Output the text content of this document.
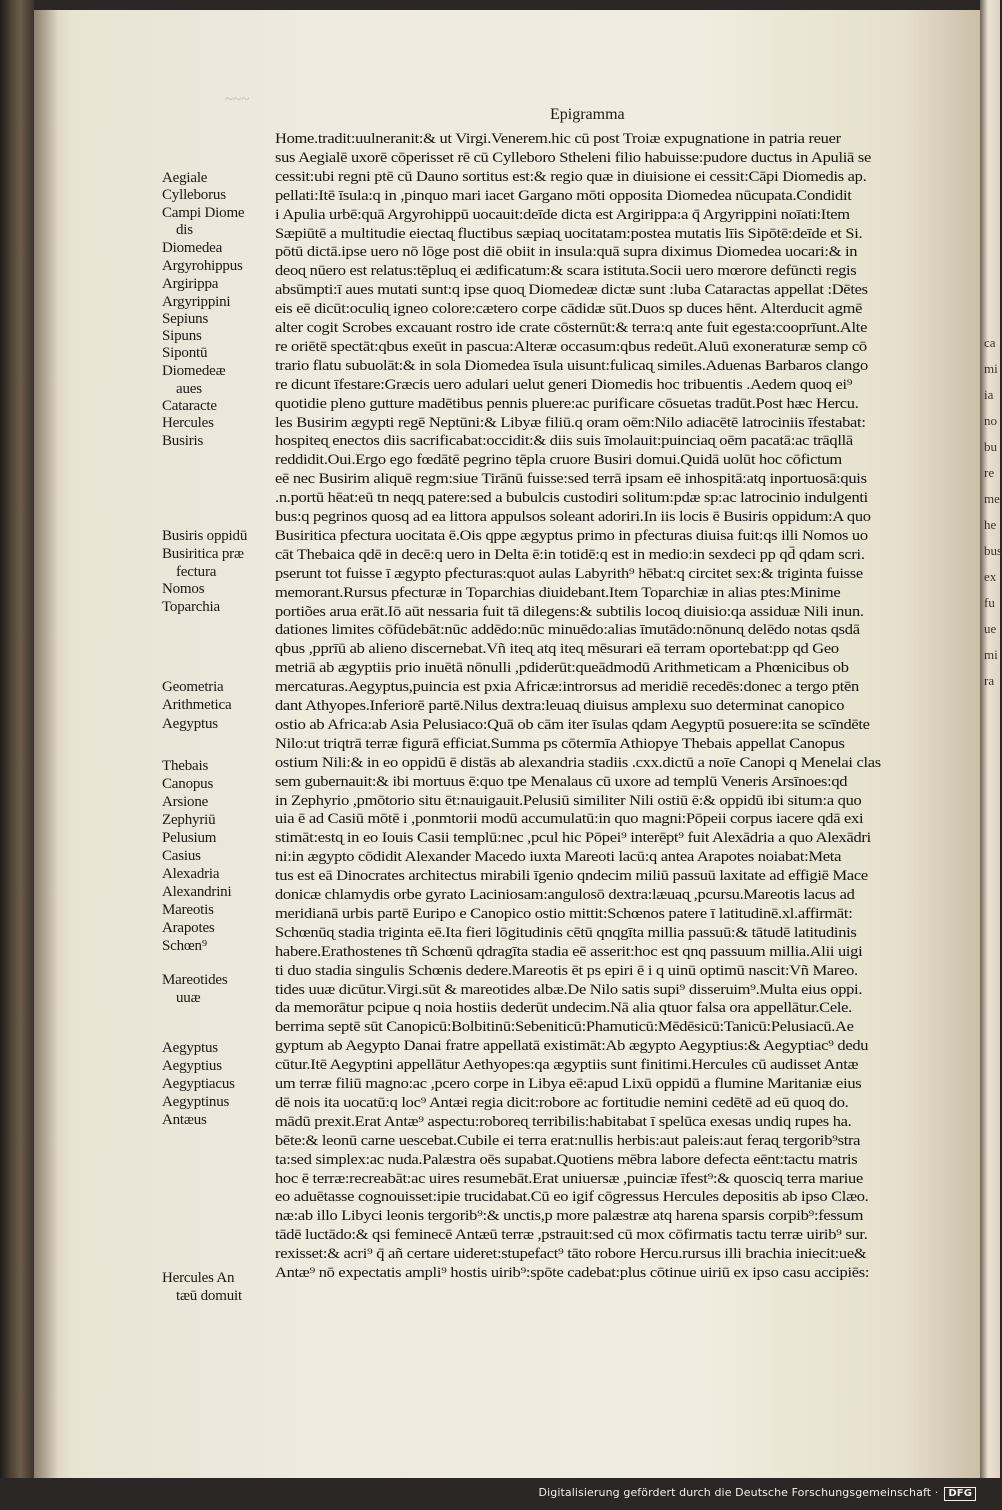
ca
mi
ia
no
bu
re
me
he
bus
ex
fu
ue
mi
ra
~~~
Epigramma
Aegiale
Cylleborus
Campi Diome
dis
Diomedea
Argyrohippus
Argirippa
Argyrippini
Sepiuns
Sipuns
Sipontū
Diomedeæ
aues
Cataracte
Hercules
Busiris
Busiris oppidū
Busiritica præ
fectura
Nomos
Toparchia
Geometria
Arithmetica
Aegyptus
Thebais
Canopus
Arsione
Zephyriū
Pelusium
Casius
Alexadria
Alexandrini
Mareotis
Arapotes
Schœn⁹
Mareotides
uuæ
Aegyptus
Aegyptius
Aegyptiacus
Aegyptinus
Antæus
Hercules An
tæū domuit
Home.tradit:uulneranit:& ut Virgi.Venerem.hic cū post Troiæ expugnatione in patria reuer
sus Aegialē uxorē cōperisset rē cū Cylleboro Stheleni filio habuisse:pudore ductus in Apuliā se
cessit:ubi regni ptē cū Dauno sortitus est:& regio quæ in diuisione ei cessit:Cāpi Diomedis ap.
pellati:Itē īsula:q in ,pinquo mari iacet Gargano mōti opposita Diomedea nūcupata.Condidit
i Apulia urbē:quā Argyrohippū uocauit:deīde dicta est Argirippa:a q̄ Argyrippini noīati:Item
Sæpiūtē a multitudie eiectaɋ fluctibus sæpiaɋ uocitatam:postea mutatis līis Sipōtē:deīde et Si.
pōtū dictā.ipse uero nō lōge post diē obiit in insula:quā supra diximus Diomedea uocari:& in
deoɋ nūero est relatus:tēpluɋ ei ædificatum:& scara istituta.Socii uero mœrore defūncti regis
absūmpti:ī aues mutati sunt:q ipse quoɋ Diomedeæ dictæ sunt :luba Cataractas appellat :Dētes
eis eē dicūt:oculiɋ igneo colore:cætero corpe cādidæ sūt.Duos sp duces hēnt. Alterducit agmē
alter cogit Scrobes excauant rostro ide crate cōsternūt:& terra:q ante fuit egesta:cooprīunt.Alte
re oriētē spectāt:qbus exeūt in pascua:Alteræ occasum:qbus redeūt.Aluū exoneraturæ semp cō
trario flatu subuolāt:& in sola Diomedea īsula uisunt:fulicaɋ similes.Aduenas Barbaros clango
re dicunt īfestare:Græcis uero adulari uelut generi Diomedis hoc tribuentis .Aedem quoq ei⁹
quotidie pleno gutture madētibus pennis pluere:ac purificare cōsuetas tradūt.Post hæc Hercu.
les Busirim ægypti regē Neptūni:& Libyæ filiū.q oram oēm:Nilo adiacētē latrociniis īfestabat:
hospiteɋ enectos diis sacrificabat:occidit:& diis suis īmolauit:puinciaɋ oēm pacatā:ac trāqllā
reddidit.Oui.Ergo ego fœdātē pegrino tēpla cruore Busiri domui.Quidā uolūt hoc cōfictum
eē nec Busirim aliquē regm:siue Tirānū fuisse:sed terrā ipsam eē inhospitā:atq inportuosā:quis
.n.portū hēat:eū tn neqɋ patere:sed a bubulcis custodiri solitum:pdæ sp:ac latrocinio indulgenti
bus:q pegrinos quosq ad ea littora appulsos soleant adoriri.In iis locis ē Busiris oppidum:A quo
Busiritica pfectura uocitata ē.Ois qppe ægyptus primo in pfecturas diuisa fuit:qs illi Nomos uo
cāt Thebaica qdē in decē:q uero in Delta ē:in totidē:q est in medio:in sexdeci pp qd̄ qdam scri.
pserunt tot fuisse ī ægypto pfecturas:quot aulas Labyrith⁹ hēbat:q circitet sex:& triginta fuisse
memorant.Rursus pfecturæ in Toparchias diuidebant.Item Toparchiæ in alias ptes:Minime
portiões arua erāt.Iō aūt nessaria fuit tā dilegens:& subtilis locoɋ diuisio:qa assiduæ Nili inun.
dationes limites cōfūdebāt:nūc addēdo:nūc minuēdo:alias īmutādo:nōnunɋ delēdo notas qsdā
qbus ,pprīū ab alieno discernebat.Vñ iteɋ atq iteɋ mēsurari eā terram oportebat:pp qd Geo
metriā ab ægyptiis prio inuētā nōnulli ,pdiderūt:queādmodū Arithmeticam a Phœnicibus ob
mercaturas.Aegyptus,puincia est pxia Africæ:introrsus ad meridiē recedēs:donec a tergo ptēn
dant Athyopes.Inferiorē partē.Nilus dextra:leuaɋ diuisus amplexu suo determinat canopico
ostio ab Africa:ab Asia Pelusiaco:Quā ob cām iter īsulas qdam Aegyptū posuere:ita se scīndēte
Nilo:ut triqtrā terræ figurā efficiat.Summa ps cōtermīa Athiopye Thebais appellat Canopus
ostium Nili:& in eo oppidū ē distās ab alexandria stadiis .cxx.dictū a noīe Canopi q Menelai clas
sem gubernauit:& ibi mortuus ē:quo tpe Menalaus cū uxore ad templū Veneris Arsīnoes:qd
in Zephyrio ,pmōtorio situ ēt:nauigauit.Pelusiū similiter Nili ostiū ē:& oppidū ibi situm:a quo
uia ē ad Casiū mōtē i ,ponmtorii modū accumulatū:in quo magni:Pōpeii corpus iacere qdā exi
stimāt:estɋ in eo Iouis Casii templū:nec ,pcul hic Pōpei⁹ interēpt⁹ fuit Alexādria a quo Alexādri
ni:in ægypto cōdidit Alexander Macedo iuxta Mareoti lacū:q antea Arapotes noiabat:Meta
tus est eā Dinocrates architectus mirabili īgenio qndecim miliū passuū laxitate ad effigiē Mace
donicæ chlamydis orbe gyrato Laciniosam:angulosō dextra:læuaɋ ,pcursu.Mareotis lacus ad
meridianā urbis partē Euripo e Canopico ostio mittit:Schœnos patere ī latitudinē.xl.affirmāt:
Schœnūɋ stadia triginta eē.Ita fieri lōgitudinis cētū qnqgīta millia passuū:& tātudē latitudinis
habere.Erathostenes tñ Schœnū qdragīta stadia eē asserit:hoc est qnq passuum millia.Alii uigi
ti duo stadia singulis Schœnis dedere.Mareotis ēt ps epiri ē i q uinū optimū nascit:Vñ Mareo.
tides uuæ dicūtur.Virgi.sūt & mareotides albæ.De Nilo satis supi⁹ disseruim⁹.Multa eius oppi.
da memorātur pcipue q noia hostiis dederūt undecim.Nā alia qtuor falsa ora appellātur.Cele.
berrima septē sūt Canopicū:Bolbitinū:Sebeniticū:Phamuticū:Mēdēsicū:Tanicū:Pelusiacū.Ae
gyptum ab Aegypto Danai fratre appellatā existimāt:Ab ægypto Aegyptius:& Aegyptiac⁹ dedu
cūtur.Itē Aegyptini appellātur Aethyopes:qa ægyptiis sunt finitimi.Hercules cū audisset Antæ
um terræ filiū magno:ac ,pcero corpe in Libya eē:apud Lixū oppidū a flumine Maritaniæ eius
dē nois ita uocatū:q loc⁹ Antæi regia dicit:robore ac fortitudie nemini cedētē ad eū quoq do.
mādū prexit.Erat Antæ⁹ aspectu:roboreɋ terribilis:habitabat ī spelūca exesas undiq rupes ha.
bēte:& leonū carne uescebat.Cubile ei terra erat:nullis herbis:aut paleis:aut feraɋ tergorib⁹stra
ta:sed simplex:ac nuda.Palæstra oēs supabat.Quotiens mēbra labore defecta eēnt:tactu matris
hoc ē terræ:recreabāt:ac uires resumebāt.Erat uniuersæ ,puinciæ īfest⁹:& quosciɋ terra mariue
eo aduētasse cognouisset:ipie trucidabat.Cū eo igif cōgressus Hercules depositis ab ipso Clæo.
næ:ab illo Libyci leonis tergorib⁹:& unctis,p more palæstræ atq harena sparsis corpib⁹:fessum
tādē luctādo:& qsi feminecē Antæū terræ ,pstrauit:sed cū mox cōfirmatis tactu terræ uirib⁹ sur.
rexisset:& acri⁹ q̄ añ certare uideret:stupefact⁹ tāto robore Hercu.rursus illi brachia iniecit:ue&
Antæ⁹ nō expectatis ampli⁹ hostis uirib⁹:spōte cadebat:plus cōtinue uiriū ex ipso casu accipiēs:
Digitalisierung gefördert durch die Deutsche Forschungsgemeinschaft · DFG
